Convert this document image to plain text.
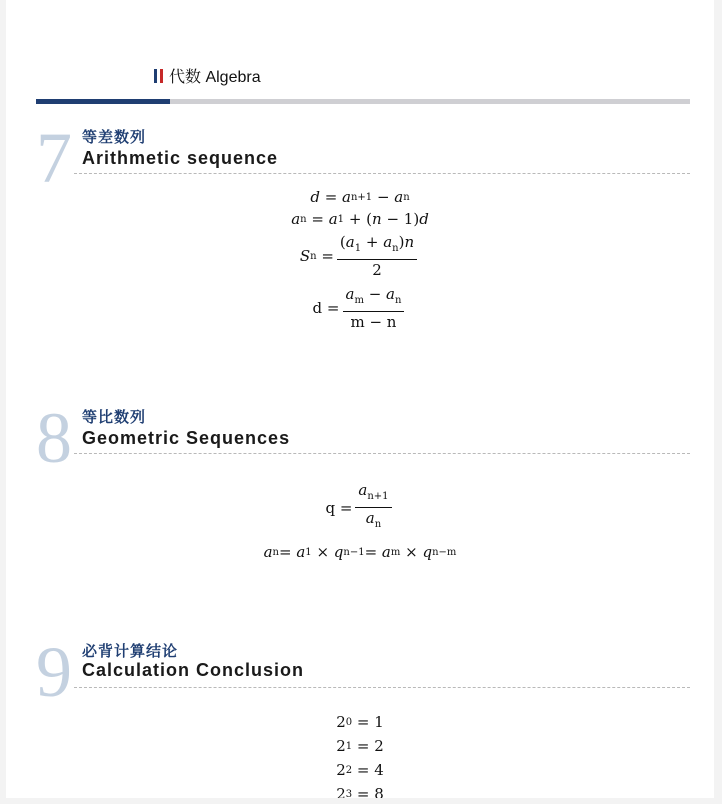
代数 Algebra
7 等差数列
Arithmetic sequence
d = a n+1 − a n
a n = a 1 + ( n − 1) d
S $n = \frac{(a_1 + a_n)n}{2}$
$d = \frac{a_m - a_n}{m - n}$
8 等比数列
Geometric Sequences
$q = \frac{a_{n+1}}{a_n}$
a n = a 1 × q n−1 = a m × q n−m
9 必背计算结论
Calculation Conclusion
2 0 = 1
2 1 = 2
2 2 = 4
2 3 = 8
